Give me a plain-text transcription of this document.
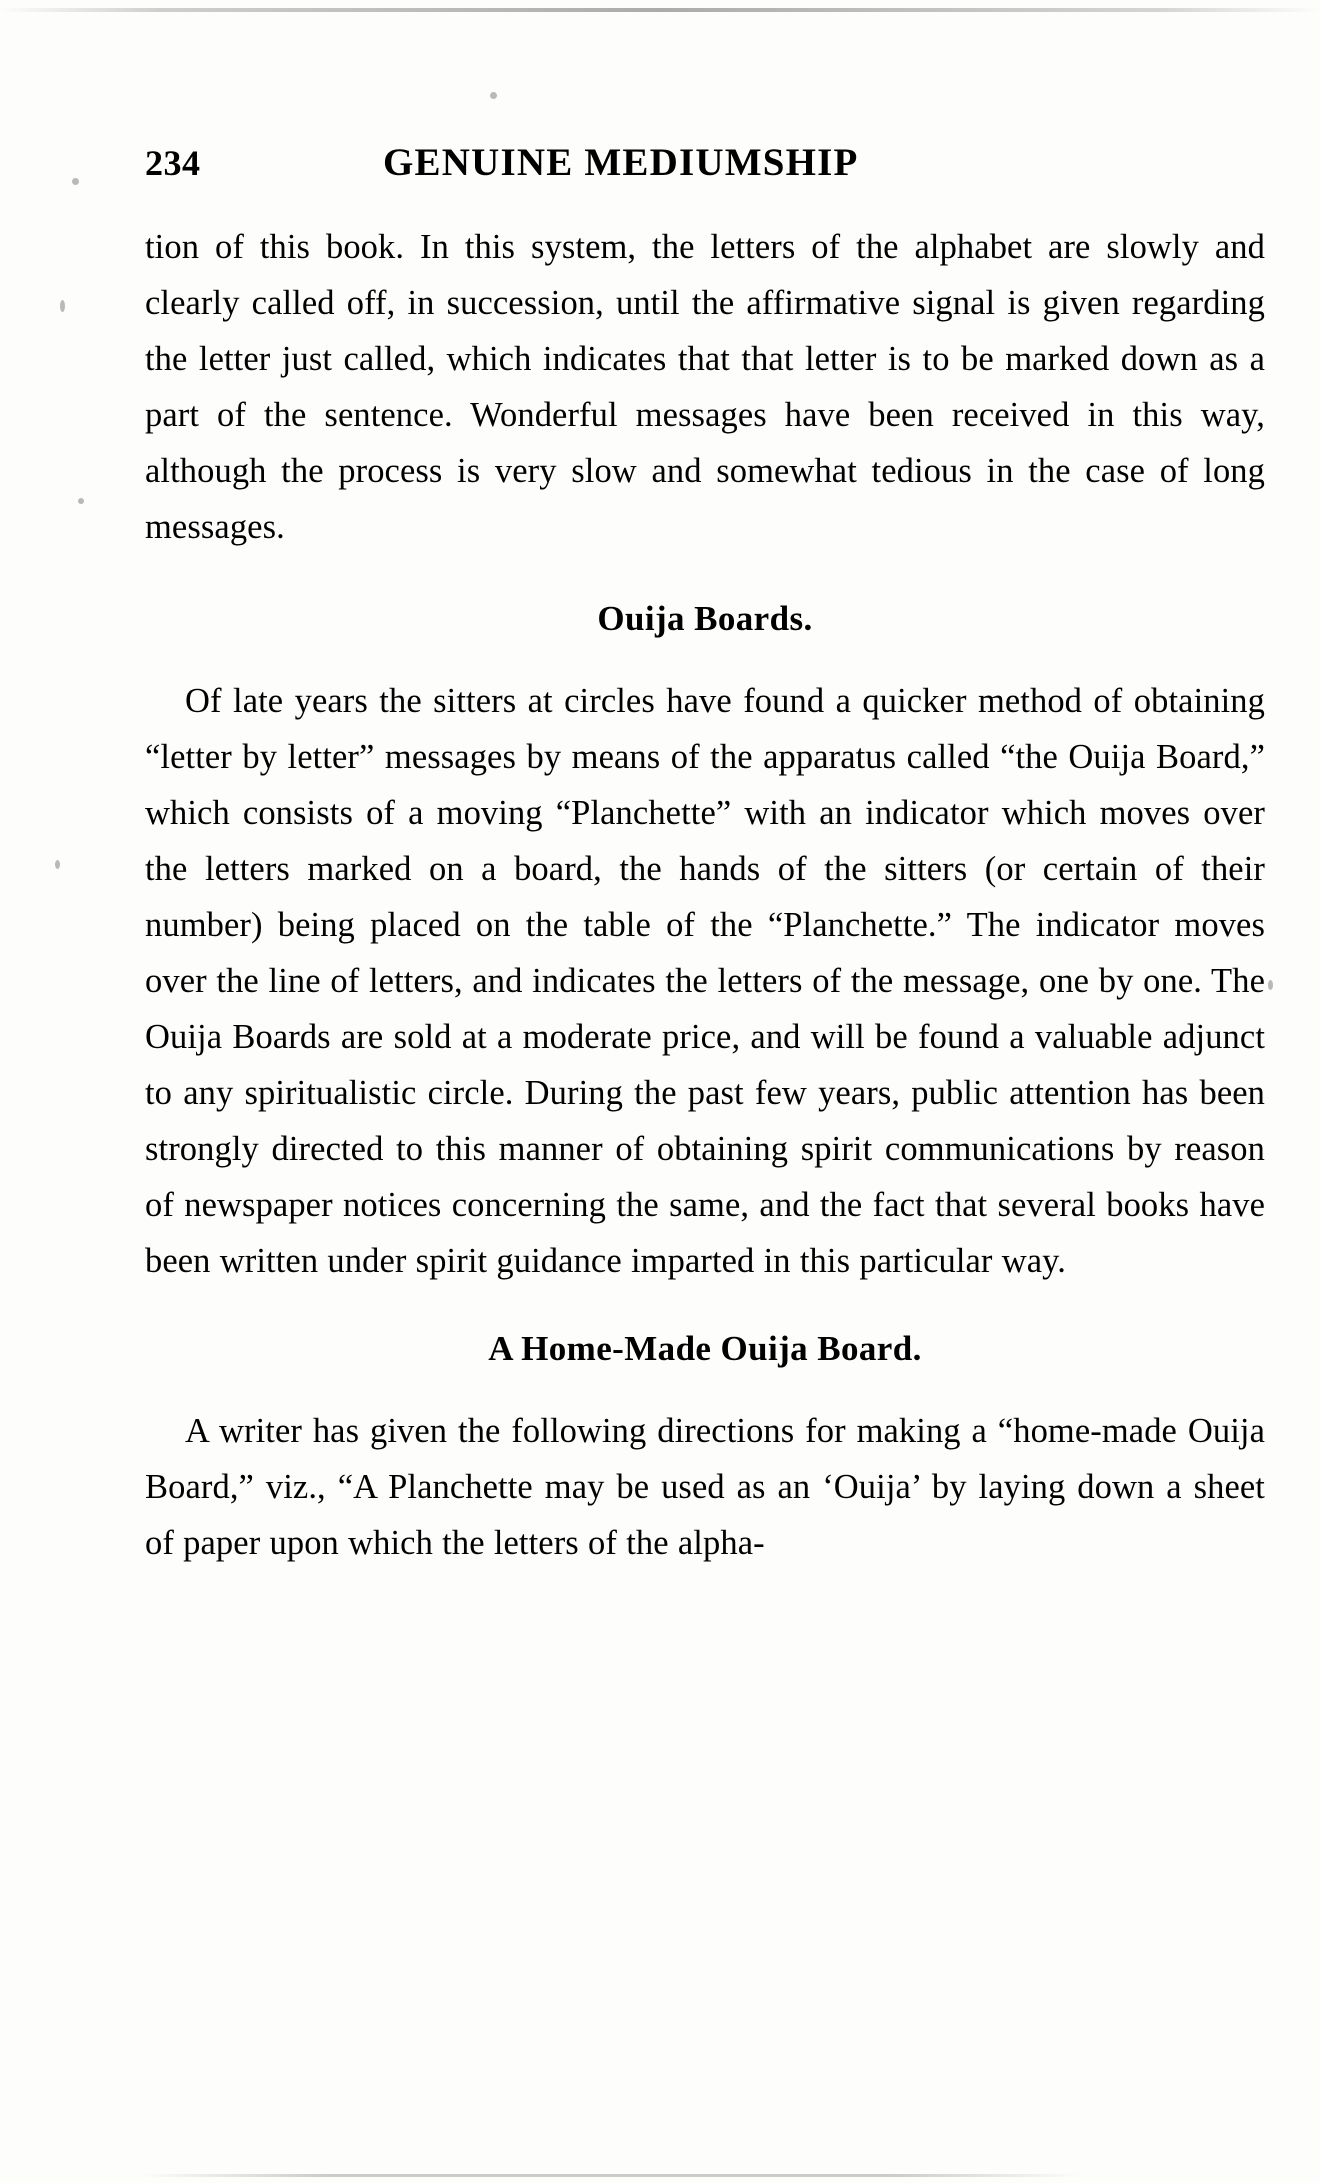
234	GENUINE MEDIUMSHIP

tion of this book. In this system, the letters of the alphabet are slowly and clearly called off, in succession, until the affirmative signal is given regarding the letter just called, which indicates that that letter is to be marked down as a part of the sentence. Wonderful messages have been received in this way, although the process is very slow and somewhat tedious in the case of long messages.

Ouija Boards.

Of late years the sitters at circles have found a quicker method of obtaining “letter by letter” messages by means of the apparatus called “the Ouija Board,” which consists of a moving “Planchette” with an indicator which moves over the letters marked on a board, the hands of the sitters (or certain of their number) being placed on the table of the “Planchette.” The indicator moves over the line of letters, and indicates the letters of the message, one by one. The Ouija Boards are sold at a moderate price, and will be found a valuable adjunct to any spiritualistic circle. During the past few years, public attention has been strongly directed to this manner of obtaining spirit communications by reason of newspaper notices concerning the same, and the fact that several books have been written under spirit guidance imparted in this particular way.

A Home-Made Ouija Board.

A writer has given the following directions for making a “home-made Ouija Board,” viz., “A Planchette may be used as an ‘Ouija’ by laying down a sheet of paper upon which the letters of the alpha-
